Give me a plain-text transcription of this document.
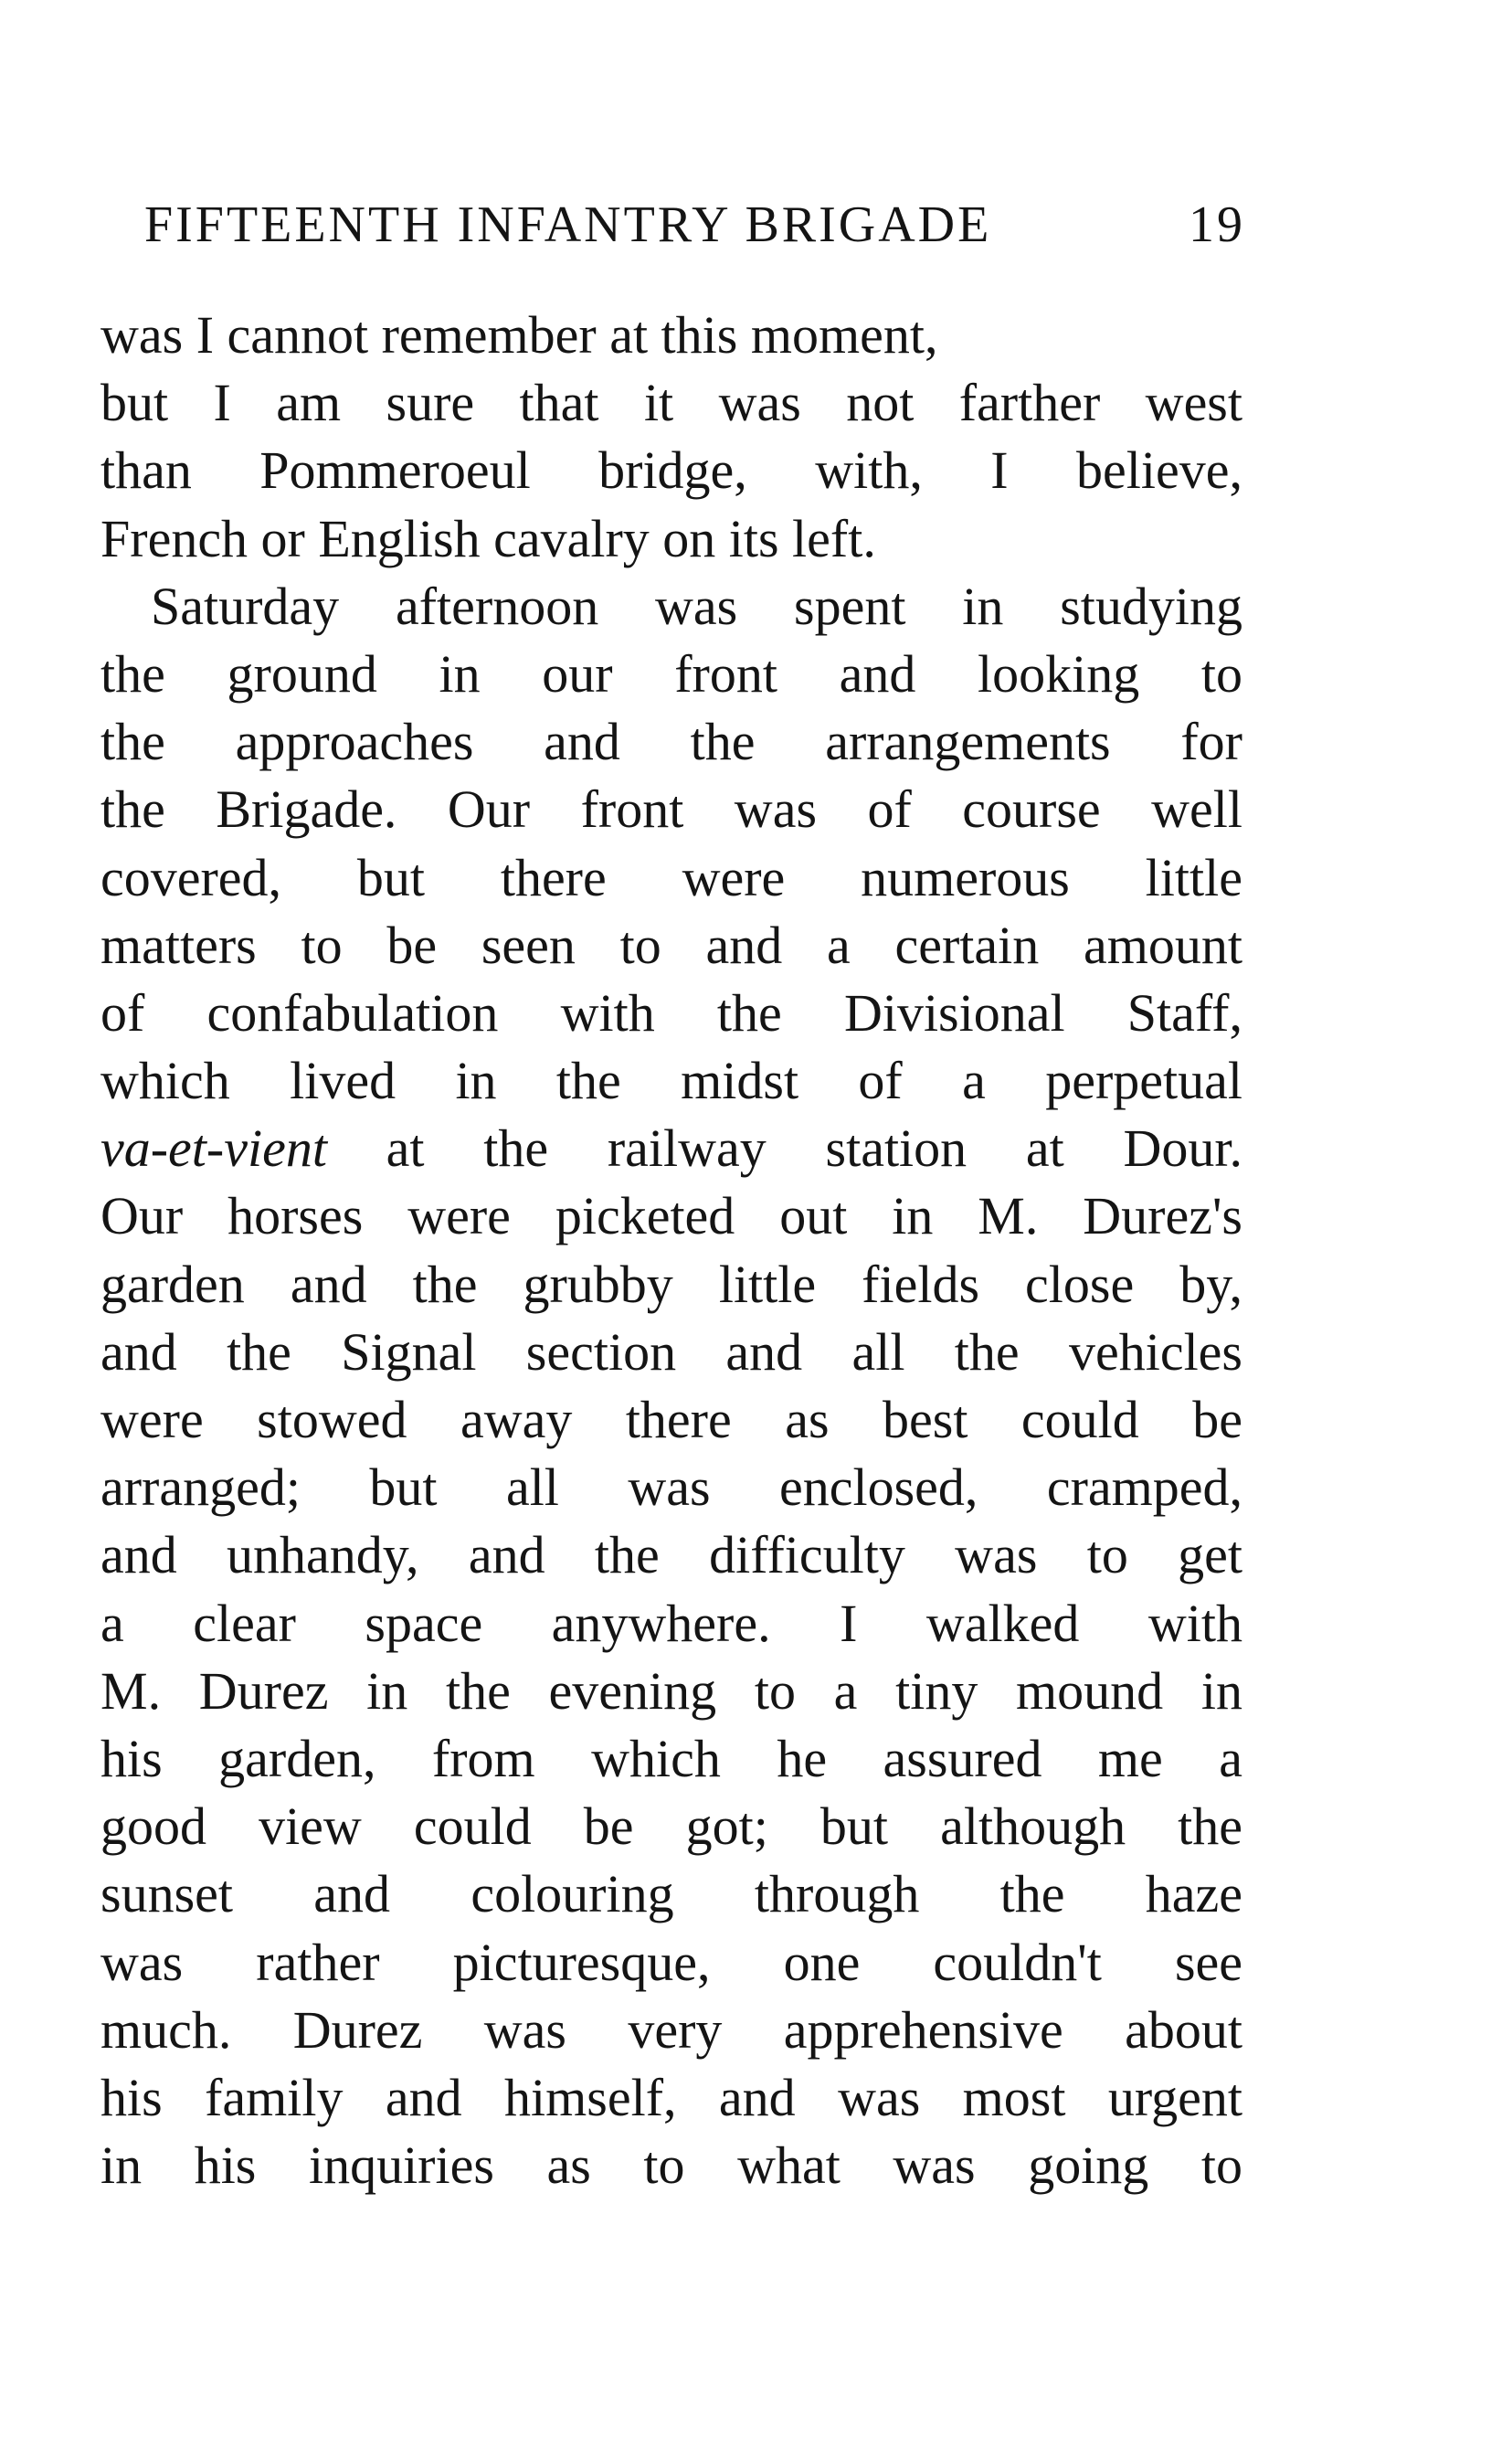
FIFTEENTH INFANTRY BRIGADE	19
was I cannot remember at this moment,
but I am sure that it was not farther west
than Pommeroeul bridge, with, I believe,
French or English cavalry on its left.
Saturday afternoon was spent in studying
the ground in our front and looking to
the approaches and the arrangements for
the Brigade. Our front was of course well
covered, but there were numerous little
matters to be seen to and a certain amount
of confabulation with the Divisional Staff,
which lived in the midst of a perpetual
va-et-vient at the railway station at Dour.
Our horses were picketed out in M. Durez's
garden and the grubby little fields close by,
and the Signal section and all the vehicles
were stowed away there as best could be
arranged; but all was enclosed, cramped,
and unhandy, and the difficulty was to get
a clear space anywhere. I walked with
M. Durez in the evening to a tiny mound in
his garden, from which he assured me a
good view could be got; but although the
sunset and colouring through the haze
was rather picturesque, one couldn't see
much. Durez was very apprehensive about
his family and himself, and was most urgent
in his inquiries as to what was going to
